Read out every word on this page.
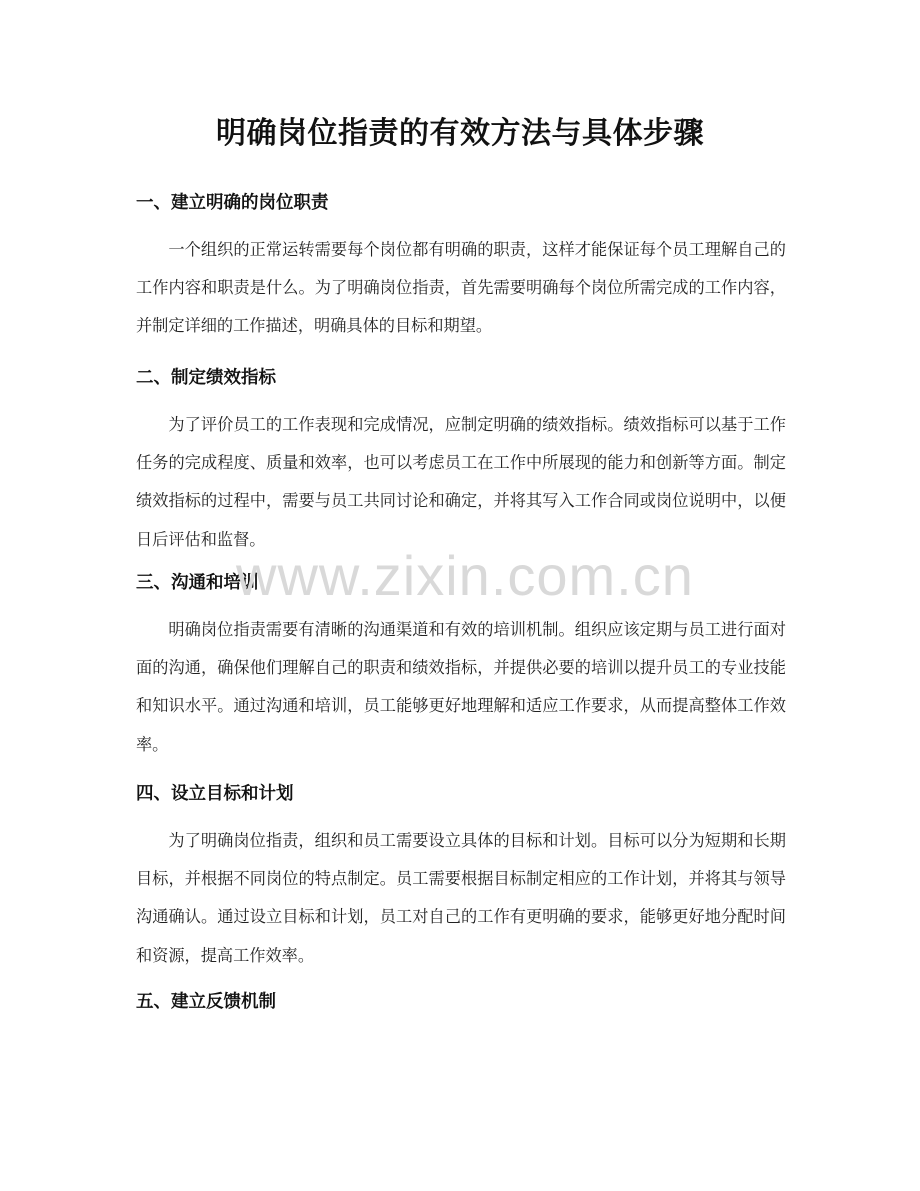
明确岗位指责的有效方法与具体步骤
一、建立明确的岗位职责

一个组织的正常运转需要每个岗位都有明确的职责，这样才能保证每个员工理解自己的工作内容和职责是什么。为了明确岗位指责，首先需要明确每个岗位所需完成的工作内容，并制定详细的工作描述，明确具体的目标和期望。

二、制定绩效指标

为了评价员工的工作表现和完成情况，应制定明确的绩效指标。绩效指标可以基于工作任务的完成程度、质量和效率，也可以考虑员工在工作中所展现的能力和创新等方面。制定绩效指标的过程中，需要与员工共同讨论和确定，并将其写入工作合同或岗位说明中，以便日后评估和监督。

三、沟通和培训

明确岗位指责需要有清晰的沟通渠道和有效的培训机制。组织应该定期与员工进行面对面的沟通，确保他们理解自己的职责和绩效指标，并提供必要的培训以提升员工的专业技能和知识水平。通过沟通和培训，员工能够更好地理解和适应工作要求，从而提高整体工作效率。

四、设立目标和计划

为了明确岗位指责，组织和员工需要设立具体的目标和计划。目标可以分为短期和长期目标，并根据不同岗位的特点制定。员工需要根据目标制定相应的工作计划，并将其与领导沟通确认。通过设立目标和计划，员工对自己的工作有更明确的要求，能够更好地分配时间和资源，提高工作效率。

五、建立反馈机制
www.zixin.com.cn
